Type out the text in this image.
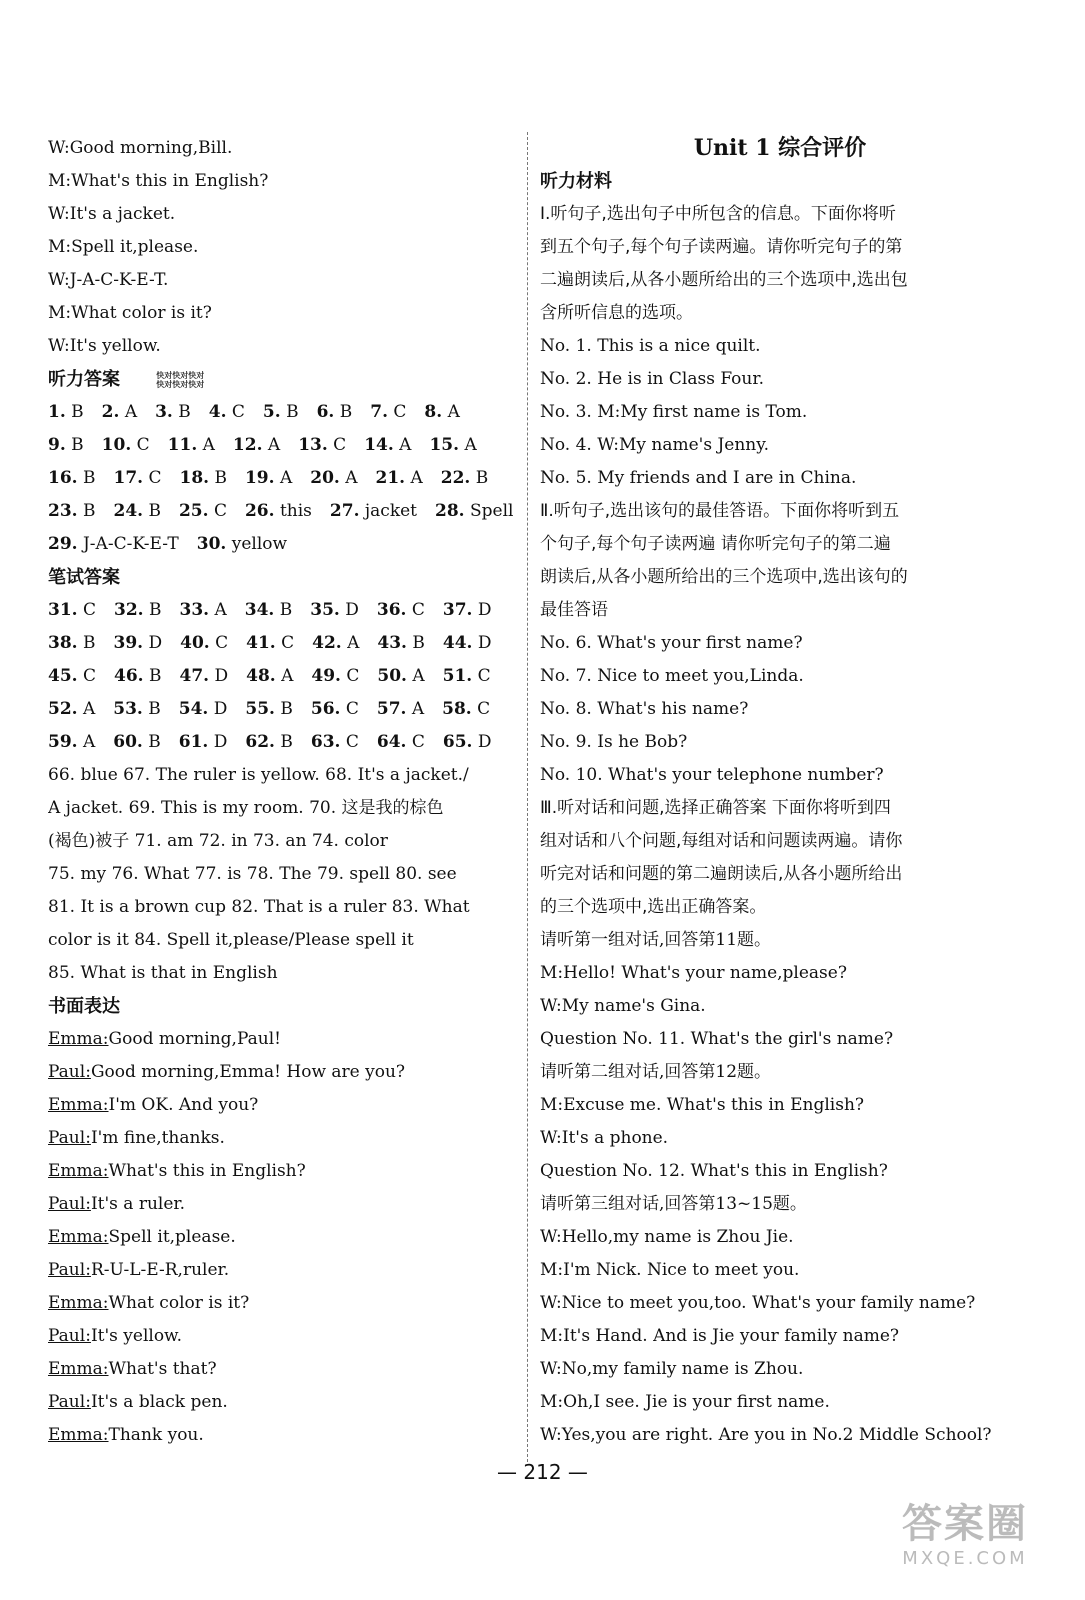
W:Good morning,Bill.
M:What's this in English?
W:It's a jacket.
M:Spell it,please.
W:J-A-C-K-E-T.
M:What color is it?
W:It's yellow.
听力答案	快对快对快对
快对快对快对
1. B 2. A 3. B 4. C 5. B 6. B 7. C 8. A
9. B 10. C 11. A 12. A 13. C 14. A 15. A
16. B 17. C 18. B 19. A 20. A 21. A 22. B
23. B 24. B 25. C 26. this 27. jacket 28. Spell
29. J-A-C-K-E-T 30. yellow
笔试答案
31. C 32. B 33. A 34. B 35. D 36. C 37. D
38. B 39. D 40. C 41. C 42. A 43. B 44. D
45. C 46. B 47. D 48. A 49. C 50. A 51. C
52. A 53. B 54. D 55. B 56. C 57. A 58. C
59. A 60. B 61. D 62. B 63. C 64. C 65. D
66. blue 67. The ruler is yellow. 68. It's a jacket./
A jacket. 69. This is my room. 70. 这是我的棕色
(褐色)被子 71. am 72. in 73. an 74. color
75. my 76. What 77. is 78. The 79. spell 80. see
81. It is a brown cup 82. That is a ruler 83. What
color is it 84. Spell it,please/Please spell it
85. What is that in English
书面表达
Emma:Good morning,Paul!
Paul:Good morning,Emma! How are you?
Emma:I'm OK. And you?
Paul:I'm fine,thanks.
Emma:What's this in English?
Paul:It's a ruler.
Emma:Spell it,please.
Paul:R-U-L-E-R,ruler.
Emma:What color is it?
Paul:It's yellow.
Emma:What's that?
Paul:It's a black pen.
Emma:Thank you.
Unit 1 综合评价
听力材料
Ⅰ.听句子,选出句子中所包含的信息。下面你将听
到五个句子,每个句子读两遍。请你听完句子的第
二遍朗读后,从各小题所给出的三个选项中,选出包
含所听信息的选项。
No. 1. This is a nice quilt.
No. 2. He is in Class Four.
No. 3. M:My first name is Tom.
No. 4. W:My name's Jenny.
No. 5. My friends and I are in China.
Ⅱ.听句子,选出该句的最佳答语。下面你将听到五
个句子,每个句子读两遍 请你听完句子的第二遍
朗读后,从各小题所给出的三个选项中,选出该句的
最佳答语
No. 6. What's your first name?
No. 7. Nice to meet you,Linda.
No. 8. What's his name?
No. 9. Is he Bob?
No. 10. What's your telephone number?
Ⅲ.听对话和问题,选择正确答案 下面你将听到四
组对话和八个问题,每组对话和问题读两遍。请你
听完对话和问题的第二遍朗读后,从各小题所给出
的三个选项中,选出正确答案。
请听第一组对话,回答第11题。
M:Hello! What's your name,please?
W:My name's Gina.
Question No. 11. What's the girl's name?
请听第二组对话,回答第12题。
M:Excuse me. What's this in English?
W:It's a phone.
Question No. 12. What's this in English?
请听第三组对话,回答第13~15题。
W:Hello,my name is Zhou Jie.
M:I'm Nick. Nice to meet you.
W:Nice to meet you,too. What's your family name?
M:It's Hand. And is Jie your family name?
W:No,my family name is Zhou.
M:Oh,I see. Jie is your first name.
W:Yes,you are right. Are you in No.2 Middle School?
— 212 —
答案圈
MXQE.COM
